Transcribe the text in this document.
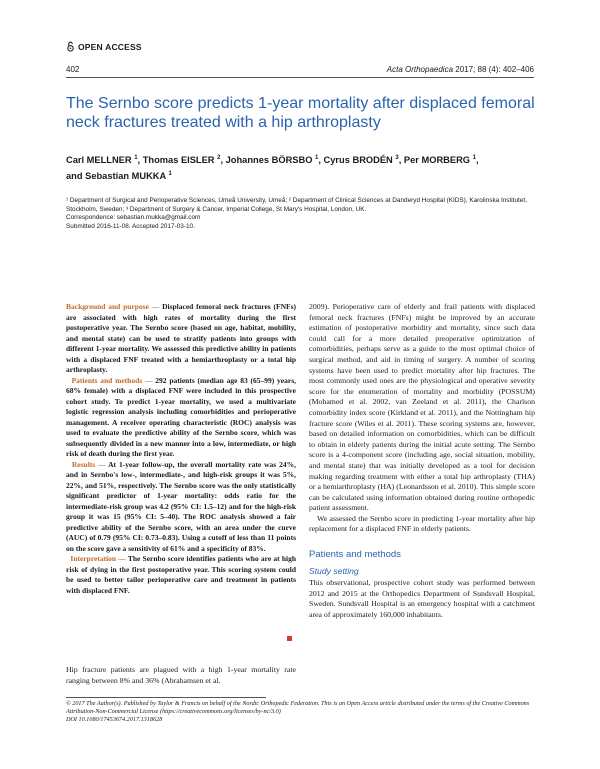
OPEN ACCESS
402	Acta Orthopaedica 2017; 88 (4): 402–406
The Sernbo score predicts 1-year mortality after displaced femoral neck fractures treated with a hip arthroplasty
Carl MELLNER $^1$, Thomas EISLER $^2$, Johannes BÖRSBO $^1$, Cyrus BRODÉN $^3$, Per MORBERG $^1$,
and Sebastian MUKKA $^1$
¹ Department of Surgical and Perioperative Sciences, Umeå University, Umeå; ² Department of Clinical Sciences at Danderyd Hospital (KIDS), Karolinska Institutet, Stockholm, Sweden; ³ Department of Surgery & Cancer, Imperial College, St Mary's Hospital, London, UK.
Correspondence: sebastian.mukka@gmail.com
Submitted 2016-11-08. Accepted 2017-03-10.

Background and purpose — Displaced femoral neck fractures (FNFs) are associated with high rates of mortality during the first postoperative year. The Sernbo score (based on age, habitat, mobility, and mental state) can be used to stratify patients into groups with different 1-year mortality. We assessed this predictive ability in patients with a displaced FNF treated with a hemiarthroplasty or a total hip arthroplasty.

Patients and methods — 292 patients (median age 83 (65–99) years, 68% female) with a displaced FNF were included in this prospective cohort study. To predict 1-year mortality, we used a multivariate logistic regression analysis including comorbidities and perioperative management. A receiver operating characteristic (ROC) analysis was used to evaluate the predictive ability of the Sernbo score, which was subsequently divided in a new manner into a low, intermediate, or high risk of death during the first year.

Results — At 1-year follow-up, the overall mortality rate was 24%, and in Sernbo's low-, intermediate-, and high-risk groups it was 5%, 22%, and 51%, respectively. The Sernbo score was the only statistically significant predictor of 1-year mortality: odds ratio for the intermediate-risk group was 4.2 (95% CI: 1.5–12) and for the high-risk group it was 15 (95% CI: 5–40). The ROC analysis showed a fair predictive ability of the Sernbo score, with an area under the curve (AUC) of 0.79 (95% CI: 0.73–0.83). Using a cutoff of less than 11 points on the score gave a sensitivity of 61% and a specificity of 83%.

Interpretation — The Sernbo score identifies patients who are at high risk of dying in the first postoperative year. This scoring system could be used to better tailor perioperative care and treatment in patients with displaced FNF.

Hip fracture patients are plagued with a high 1-year mortality rate ranging between 8% and 36% (Abrahamsen et al.

2009). Perioperative care of elderly and frail patients with displaced femoral neck fractures (FNFs) might be improved by an accurate estimation of postoperative morbidity and mortality, since such data could call for a more detailed preoperative optimization of comorbidities, perhaps serve as a guide to the most optimal choice of surgical method, and aid in timing of surgery. A number of scoring systems have been used to predict mortality after hip fractures. The most commonly used ones are the physiological and operative severity score for the enumeration of mortality and morbidity (POSSUM) (Mohamed et al. 2002, van Zeeland et al. 2011), the Charlson comorbidity index score (Kirkland et al. 2011), and the Nottingham hip fracture score (Wiles et al. 2011). These scoring systems are, however, based on detailed information on comorbidities, which can be difficult to obtain in elderly patients during the initial acute setting. The Sernbo score is a 4-component score (including age, social situation, mobility, and mental state) that was initially developed as a tool for decision making regarding treatment with either a total hip arthroplasty (THA) or a hemiarthroplasty (HA) (Leonardsson et al. 2010). This simple score can be calculated using information obtained during routine orthopedic patient assessment.

We assessed the Sernbo score in predicting 1-year mortality after hip replacement for a displaced FNF in elderly patients.

Patients and methods
Study setting
This observational, prospective cohort study was performed between 2012 and 2015 at the Orthopedics Department of Sundsvall Hospital, Sweden. Sundsvall Hospital is an emergency hospital with a catchment area of approximately 160,000 inhabitants.
© 2017 The Author(s). Published by Taylor & Francis on behalf of the Nordic Orthopedic Federation. This is an Open Access article distributed under the terms of the Creative Commons Attribution-Non-Commercial License (https://creativecommons.org/licenses/by-nc/3.0)
DOI 10.1080/17453674.2017.1318628
